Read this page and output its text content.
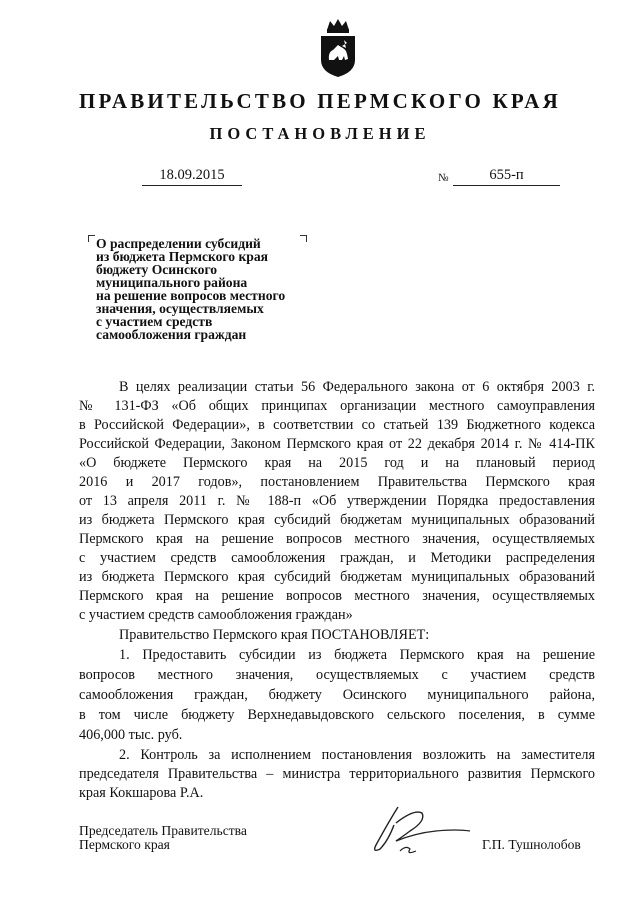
ПРАВИТЕЛЬСТВО ПЕРМСКОГО КРАЯ
ПОСТАНОВЛЕНИЕ
18.09.2015	№	655-п
О распределении субсидий
из бюджета Пермского края
бюджету Осинского
муниципального района
на решение вопросов местного
значения, осуществляемых
с участием средств
самообложения граждан
В целях реализации статьи 56 Федерального закона от 6 октября 2003 г.
№ 131-ФЗ «Об общих принципах организации местного самоуправления
в Российской Федерации», в соответствии со статьей 139 Бюджетного кодекса
Российской Федерации, Законом Пермского края от 22 декабря 2014 г. № 414-ПК
«О бюджете Пермского края на 2015 год и на плановый период
2016 и 2017 годов», постановлением Правительства Пермского края
от 13 апреля 2011 г. № 188-п «Об утверждении Порядка предоставления
из бюджета Пермского края субсидий бюджетам муниципальных образований
Пермского края на решение вопросов местного значения, осуществляемых
с участием средств самообложения граждан, и Методики распределения
из бюджета Пермского края субсидий бюджетам муниципальных образований
Пермского края на решение вопросов местного значения, осуществляемых
с участием средств самообложения граждан»
Правительство Пермского края ПОСТАНОВЛЯЕТ:
1. Предоставить субсидии из бюджета Пермского края на решение
вопросов местного значения, осуществляемых с участием средств
самообложения граждан, бюджету Осинского муниципального района,
в том числе бюджету Верхнедавыдовского сельского поселения, в сумме
406,000 тыс. руб.
2. Контроль за исполнением постановления возложить на заместителя
председателя Правительства – министра территориального развития Пермского
края Кокшарова Р.А.
Председатель Правительства
Пермского края	Г.П. Тушнолобов
